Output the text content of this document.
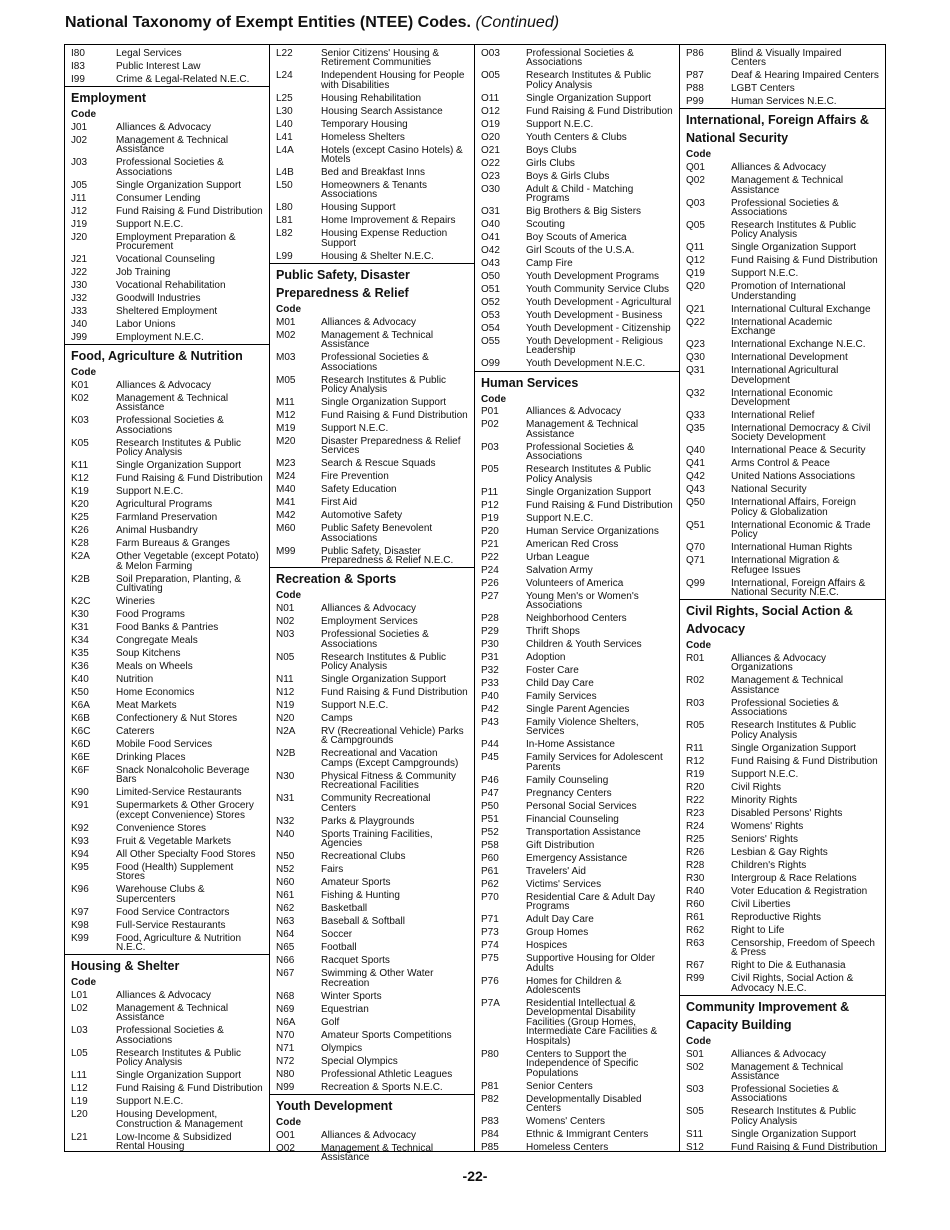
National Taxonomy of Exempt Entities (NTEE) Codes. (Continued)
I80	Legal Services
I83	Public Interest Law
I99	Crime & Legal-Related N.E.C.
Employment
Code
J01	Alliances & Advocacy
J02	Management & Technical Assistance
J03	Professional Societies & Associations
J05	Single Organization Support
J11	Consumer Lending
J12	Fund Raising & Fund Distribution
J19	Support N.E.C.
J20	Employment Preparation & Procurement
J21	Vocational Counseling
J22	Job Training
J30	Vocational Rehabilitation
J32	Goodwill Industries
J33	Sheltered Employment
J40	Labor Unions
J99	Employment N.E.C.
Food, Agriculture & Nutrition
Code
K01	Alliances & Advocacy
K02	Management & Technical Assistance
K03	Professional Societies & Associations
K05	Research Institutes & Public Policy Analysis
K11	Single Organization Support
K12	Fund Raising & Fund Distribution
K19	Support N.E.C.
K20	Agricultural Programs
K25	Farmland Preservation
K26	Animal Husbandry
K28	Farm Bureaus & Granges
K2A	Other Vegetable (except Potato) & Melon Farming
K2B	Soil Preparation, Planting, & Cultivating
K2C	Wineries
K30	Food Programs
K31	Food Banks & Pantries
K34	Congregate Meals
K35	Soup Kitchens
K36	Meals on Wheels
K40	Nutrition
K50	Home Economics
K6A	Meat Markets
K6B	Confectionery & Nut Stores
K6C	Caterers
K6D	Mobile Food Services
K6E	Drinking Places
K6F	Snack Nonalcoholic Beverage Bars
K90	Limited-Service Restaurants
K91	Supermarkets & Other Grocery (except Convenience) Stores
K92	Convenience Stores
K93	Fruit & Vegetable Markets
K94	All Other Specialty Food Stores
K95	Food (Health) Supplement Stores
K96	Warehouse Clubs & Supercenters
K97	Food Service Contractors
K98	Full-Service Restaurants
K99	Food, Agriculture & Nutrition N.E.C.
Housing & Shelter
Code
L01	Alliances & Advocacy
L02	Management & Technical Assistance
L03	Professional Societies & Associations
L05	Research Institutes & Public Policy Analysis
L11	Single Organization Support
L12	Fund Raising & Fund Distribution
L19	Support N.E.C.
L20	Housing Development, Construction & Management
L21	Low-Income & Subsidized Rental Housing
L22	Senior Citizens' Housing & Retirement Communities
L24	Independent Housing for People with Disabilities
L25	Housing Rehabilitation
L30	Housing Search Assistance
L40	Temporary Housing
L41	Homeless Shelters
L4A	Hotels (except Casino Hotels) & Motels
L4B	Bed and Breakfast Inns
L50	Homeowners & Tenants Associations
L80	Housing Support
L81	Home Improvement & Repairs
L82	Housing Expense Reduction Support
L99	Housing & Shelter N.E.C.
Public Safety, Disaster Preparedness & Relief
Code
M01	Alliances & Advocacy
M02	Management & Technical Assistance
M03	Professional Societies & Associations
M05	Research Institutes & Public Policy Analysis
M11	Single Organization Support
M12	Fund Raising & Fund Distribution
M19	Support N.E.C.
M20	Disaster Preparedness & Relief Services
M23	Search & Rescue Squads
M24	Fire Prevention
M40	Safety Education
M41	First Aid
M42	Automotive Safety
M60	Public Safety Benevolent Associations
M99	Public Safety, Disaster Preparedness & Relief N.E.C.
Recreation & Sports
Code
N01	Alliances & Advocacy
N02	Employment Services
N03	Professional Societies & Associations
N05	Research Institutes & Public Policy Analysis
N11	Single Organization Support
N12	Fund Raising & Fund Distribution
N19	Support N.E.C.
N20	Camps
N2A	RV (Recreational Vehicle) Parks & Campgrounds
N2B	Recreational and Vacation Camps (Except Campgrounds)
N30	Physical Fitness & Community Recreational Facilities
N31	Community Recreational Centers
N32	Parks & Playgrounds
N40	Sports Training Facilities, Agencies
N50	Recreational Clubs
N52	Fairs
N60	Amateur Sports
N61	Fishing & Hunting
N62	Basketball
N63	Baseball & Softball
N64	Soccer
N65	Football
N66	Racquet Sports
N67	Swimming & Other Water Recreation
N68	Winter Sports
N69	Equestrian
N6A	Golf
N70	Amateur Sports Competitions
N71	Olympics
N72	Special Olympics
N80	Professional Athletic Leagues
N99	Recreation & Sports N.E.C.
Youth Development
Code
O01	Alliances & Advocacy
O02	Management & Technical Assistance
O03	Professional Societies & Associations
O05	Research Institutes & Public Policy Analysis
O11	Single Organization Support
O12	Fund Raising & Fund Distribution
O19	Support N.E.C.
O20	Youth Centers & Clubs
O21	Boys Clubs
O22	Girls Clubs
O23	Boys & Girls Clubs
O30	Adult & Child - Matching Programs
O31	Big Brothers & Big Sisters
O40	Scouting
O41	Boy Scouts of America
O42	Girl Scouts of the U.S.A.
O43	Camp Fire
O50	Youth Development Programs
O51	Youth Community Service Clubs
O52	Youth Development - Agricultural
O53	Youth Development - Business
O54	Youth Development - Citizenship
O55	Youth Development - Religious Leadership
O99	Youth Development N.E.C.
Human Services
Code
P01	Alliances & Advocacy
P02	Management & Technical Assistance
P03	Professional Societies & Associations
P05	Research Institutes & Public Policy Analysis
P11	Single Organization Support
P12	Fund Raising & Fund Distribution
P19	Support N.E.C.
P20	Human Service Organizations
P21	American Red Cross
P22	Urban League
P24	Salvation Army
P26	Volunteers of America
P27	Young Men's or Women's Associations
P28	Neighborhood Centers
P29	Thrift Shops
P30	Children & Youth Services
P31	Adoption
P32	Foster Care
P33	Child Day Care
P40	Family Services
P42	Single Parent Agencies
P43	Family Violence Shelters, Services
P44	In-Home Assistance
P45	Family Services for Adolescent Parents
P46	Family Counseling
P47	Pregnancy Centers
P50	Personal Social Services
P51	Financial Counseling
P52	Transportation Assistance
P58	Gift Distribution
P60	Emergency Assistance
P61	Travelers' Aid
P62	Victims' Services
P70	Residential Care & Adult Day Programs
P71	Adult Day Care
P73	Group Homes
P74	Hospices
P75	Supportive Housing for Older Adults
P76	Homes for Children & Adolescents
P7A	Residential Intellectual & Developmental Disability Facilities (Group Homes, Intermediate Care Facilities & Hospitals)
P80	Centers to Support the Independence of Specific Populations
P81	Senior Centers
P82	Developmentally Disabled Centers
P83	Womens' Centers
P84	Ethnic & Immigrant Centers
P85	Homeless Centers
P86	Blind & Visually Impaired Centers
P87	Deaf & Hearing Impaired Centers
P88	LGBT Centers
P99	Human Services N.E.C.
International, Foreign Affairs & National Security
Code
Q01	Alliances & Advocacy
Q02	Management & Technical Assistance
Q03	Professional Societies & Associations
Q05	Research Institutes & Public Policy Analysis
Q11	Single Organization Support
Q12	Fund Raising & Fund Distribution
Q19	Support N.E.C.
Q20	Promotion of International Understanding
Q21	International Cultural Exchange
Q22	International Academic Exchange
Q23	International Exchange N.E.C.
Q30	International Development
Q31	International Agricultural Development
Q32	International Economic Development
Q33	International Relief
Q35	International Democracy & Civil Society Development
Q40	International Peace & Security
Q41	Arms Control & Peace
Q42	United Nations Associations
Q43	National Security
Q50	International Affairs, Foreign Policy & Globalization
Q51	International Economic & Trade Policy
Q70	International Human Rights
Q71	International Migration & Refugee Issues
Q99	International, Foreign Affairs & National Security N.E.C.
Civil Rights, Social Action & Advocacy
Code
R01	Alliances & Advocacy Organizations
R02	Management & Technical Assistance
R03	Professional Societies & Associations
R05	Research Institutes & Public Policy Analysis
R11	Single Organization Support
R12	Fund Raising & Fund Distribution
R19	Support N.E.C.
R20	Civil Rights
R22	Minority Rights
R23	Disabled Persons' Rights
R24	Womens' Rights
R25	Seniors' Rights
R26	Lesbian & Gay Rights
R28	Children's Rights
R30	Intergroup & Race Relations
R40	Voter Education & Registration
R60	Civil Liberties
R61	Reproductive Rights
R62	Right to Life
R63	Censorship, Freedom of Speech & Press
R67	Right to Die & Euthanasia
R99	Civil Rights, Social Action & Advocacy N.E.C.
Community Improvement & Capacity Building
Code
S01	Alliances & Advocacy
S02	Management & Technical Assistance
S03	Professional Societies & Associations
S05	Research Institutes & Public Policy Analysis
S11	Single Organization Support
S12	Fund Raising & Fund Distribution
-22-
